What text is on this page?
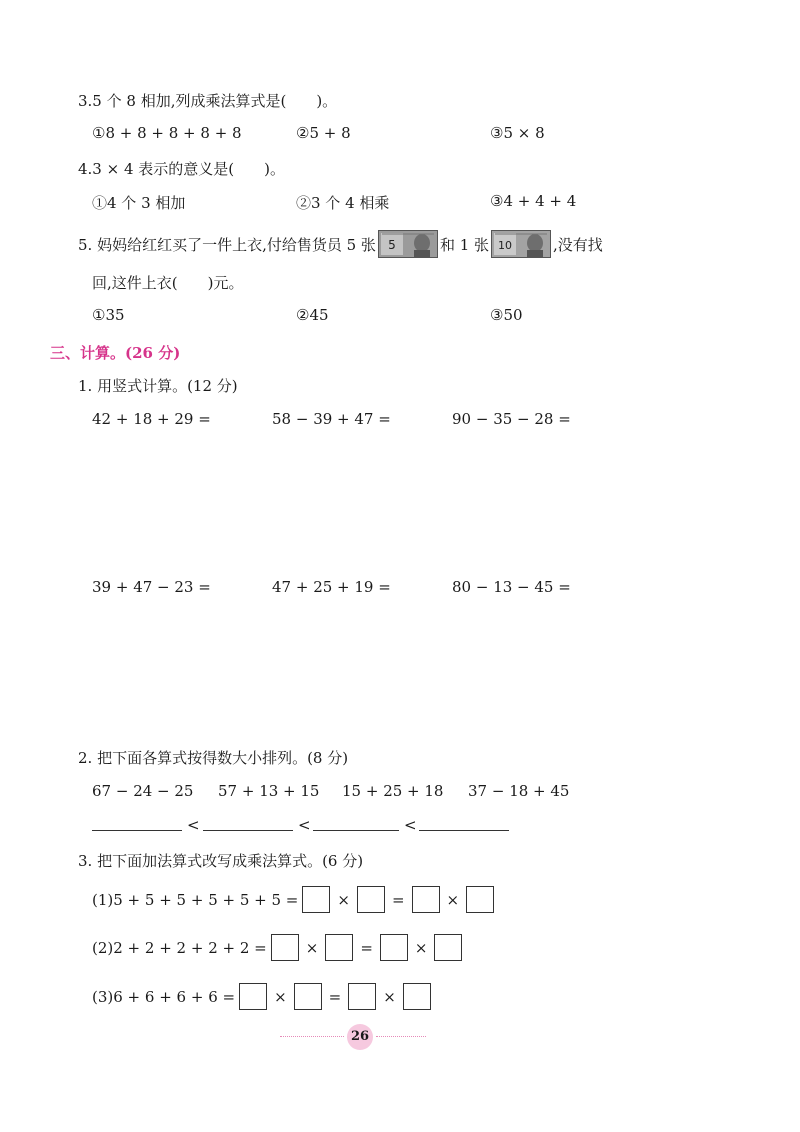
3.5 个 8 相加,列成乘法算式是(　　)。
①8 + 8 + 8 + 8 + 8	②5 + 8	③5 × 8
4.3 × 4 表示的意义是(　　)。
①4 个 3 相加	②3 个 4 相乘	③4 + 4 + 4
5. 妈妈给红红买了一件上衣,付给售货员 5 张 5	和 1 张 10	,没有找
回,这件上衣(　　)元。
①35	②45	③50
三、计算。(26 分)
1. 用竖式计算。(12 分)
42 + 18 + 29 =	58 − 39 + 47 =	90 − 35 − 28 =
39 + 47 − 23 =	47 + 25 + 19 =	80 − 13 − 45 =
2. 把下面各算式按得数大小排列。(8 分)
67 − 24 − 25 57 + 13 + 15 15 + 25 + 18 37 − 18 + 45
<	<	<
3. 把下面加法算式改写成乘法算式。(6 分)
(1)5 + 5 + 5 + 5 + 5 + 5 =	×	=	×
(2)2 + 2 + 2 + 2 + 2 =	×	=	×
(3)6 + 6 + 6 + 6 =	×	=	×
26
